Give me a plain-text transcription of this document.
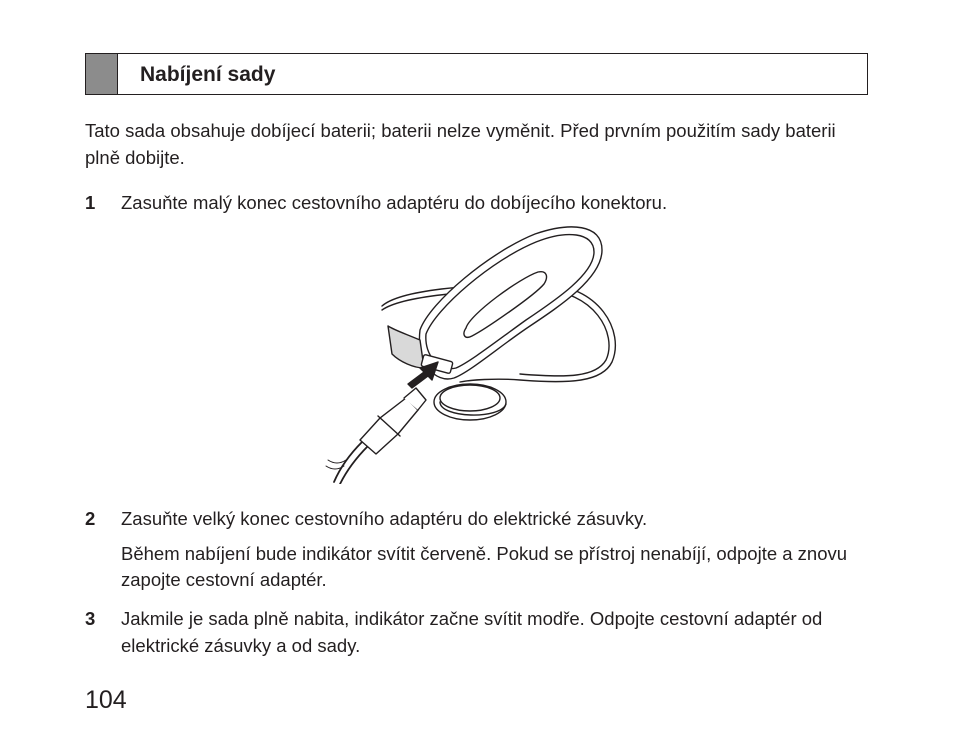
Nabíjení sady
Tato sada obsahuje dobíjecí baterii; baterii nelze vyměnit. Před prvním použitím sady baterii plně dobijte.
1 Zasuňte malý konec cestovního adaptéru do dobíjecího konektoru.

2 Zasuňte velký konec cestovního adaptéru do elektrické zásuvky.

Během nabíjení bude indikátor svítit červeně. Pokud se přístroj nenabíjí, odpojte a znovu zapojte cestovní adaptér.

3 Jakmile je sada plně nabita, indikátor začne svítit modře. Odpojte cestovní adaptér od elektrické zásuvky a od sady.

104
